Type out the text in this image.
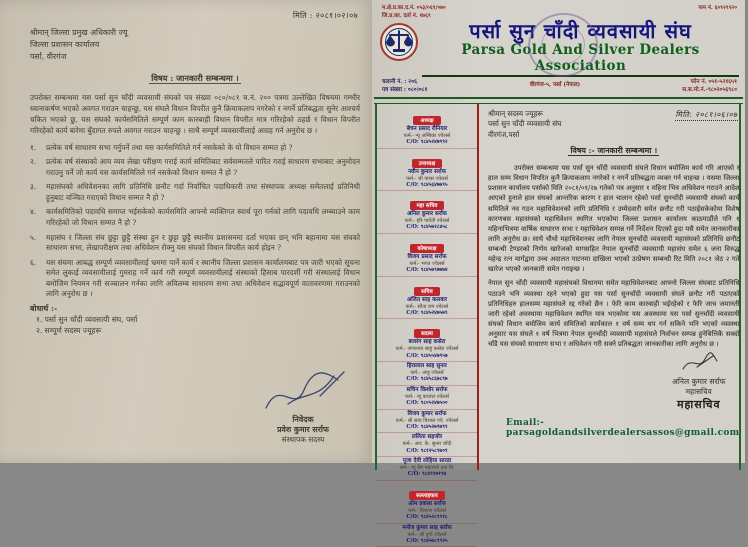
मिति : २०८१।०२।०७
श्रीमान् जिल्ला प्रमुख अधिकारी ज्यू
जिल्ला प्रशासन कार्यालय
पर्सा, वीरगंज
विषय : जानकारी सम्बन्धमा ।
उपरोक्त सम्बन्धमा यस पर्सा सुन चाँदी व्यवसायी संघको पत्र संख्या ०८०/०८१ च.नं. २०० पत्रमा उल्लेखित विषयमा गम्भीर ध्यानाकर्षण भएको अवगत गराउन चाहन्छु, यस संघले विधान विपरीत कुनै क्रियाकलाप नगरेको र नगर्ने प्रतिबद्धता सुनेर आश्चर्य चकित भएको छु, यस संघको कार्यसमितिले सम्पूर्ण काम कारबाही विधान विपरीत मात्र गरिरहेको ठहर्छ र विधान विपरीत गरिरहेको कार्य बारेमा बुँदागत रुपले अवगत गराउन चाहन्छु । साथै सम्पूर्ण व्यवसायीलाई आग्रह गर्न अनुरोध छ ।
१.	प्रत्येक वर्ष साधारण सभा गर्नुपर्ने तथा यस कार्यसमितिले गर्न नसकेको के यो विधान सम्मत हो ?
२.	प्रत्येक वर्ष संस्थाको आय व्यय लेखा परीक्षण गराई कार्य समितिबाट सर्वसम्मतले पारित गराई साधारण सभाबाट अनुमोदन गराउनु पर्ने जो कार्य यस कार्यसमितिले गर्न नसकेको विधान सम्मत नै हो ?
३.	महासंघको अधिवेशनका लागि प्रतिनिधि छनौट गर्दा निर्वाचित पदाधिकारी तथा संस्थापक अध्यक्ष समेतलाई प्रतिनिधी हुनुबाट वञ्चित गराएको विधान सम्मत नै हो ?
४.	कार्यसमितिको पदावधि समाप्त भईसकेको कार्यसमिति आफ्नो व्यक्तिगत स्वार्थ पूरा गर्नको लागि पदावधि लम्ब्याउने काम गरिरहेको जो विधान सम्मत नै हो ?
५.	महासंघ र जिल्ला संघ छुट्टा छुट्टै संस्था हुन र छुट्टा छुट्टै स्थानीय प्रशासनमा दर्ता भएका छन् भनि बहानामा यस संघको साधारण सभा, लेखापरीक्षण तथा अधिवेशन रोक्नु यस संघको विधान विपरीत कार्य होइन ?
६.	यस संघमा आबद्ध सम्पूर्ण व्यवसायीलाई भ्रममा पार्ने कार्य र स्थानीय जिल्ला प्रशासन कार्यालयबाट पत्र जारी भएको सूचना समेत लुकाई व्यवसायीलाई गुमराह गर्ने कार्य गरी सम्पूर्ण व्यवसायीलाई संस्थाको हिसाब पारदर्शी गरी संस्थालाई विधान बमोजिम नियमन गरी सञ्चालन गर्नका लागि अविलम्ब साधारण सभा तथा अधिवेशन सद्भावपूर्ण वातावरणमा गराउनको लागि अनुरोध छ ।
बोधार्थ :-
१. पर्सा सुन चाँदी व्यवसायी संघ, पर्सा
२. सम्पूर्ण सदस्य ज्यूहरू
निवेदक
प्रवेश कुमार सर्राफ
संस्थापक सदस्य
म.क्षे.प्र.का.द.नं. ०५३/०६९/०७०
जि.प्र.का. दर्ता नं. १७६९
पान नं. ६०९२९९२०
पर्सा सुन चाँदी व्यवसायी संघ
Parsa Gold And Silver Dealers Association
चलानी नं. : २०६
पत्र संख्या : ०८०।०८१
वीरगंज-५, पर्सा (नेपाल)	फोन नं. ०५१-५२१६५१
स.स.मो.नं.-९८०२०५६९८०
अध्यक्ष
बेचन प्रसाद रौनियार
फर्म:- न्यू अम्बिका ज्वेलर्स
C/O: ९८४५२४७९९२
उपाध्यक्ष
नवीन कुमार सर्राफ
फर्म:- श्री पारस ज्वेलर्स
C/O: ९८४५६४७७९५
महा सचिव
अनिल कुमार सर्राफ
फर्म:- हरि पार्वती ज्वेलर्स
C/O: ९८४५७२८४५८
कोषाध्यक्ष
विजय प्रसाद सर्राफ
फर्म:- भगत ज्वेलर्स
C/O: ९८४५७९७७७४
सचिव
अजित साह कलवार
फर्म:- सीता राम ज्वेलर्स
C/O: ९८४५२४७५७९
सदस्य
बजरंग साह कसेरा
फर्म:- जगरनाथ साहु कसेरा ज्वेलर्स
C/O: ९८४५५४७९५७
हिरालाल साह सुनार
फर्म:- अंजु ज्वेलर्स
C/O: ९८४५८६७८९७
सचिन किशोर सर्राफ
फर्म:- न्यू काजल ज्वेलर्स
C/O: ९८०५२४७५००
विजय कुमार सर्राफ
फर्म:- श्री सत्य विशाल ज्वे. ज्वेलर्स
C/O: ९८४५२७९७९९
ललिता सहजोर
फर्म:- आर. के. सुनार चाँदी
C/O: ९८१२५८९७०९
पूजा देवी लोहिया सारडा
फर्म:- न्यू प्रेम महारानी दवा वि.
C/O: ९८४९९७१९७
सल्लाहकार
ओम प्रकाश सर्राफ
फर्म:- विशाल ज्वेलर्स
C/O: ९८४५२८९९१८
मनोज कुमार साह सर्राफ
फर्म:- श्री दुर्गा ज्वेलर्स
C/O: ९८४५७८९९२५
मिति: २०८१।०६।०७
श्रीमान् सदस्य ज्यूहरू
पर्सा सुन चाँदी व्यवसायी संघ
वीरगंज,पर्सा
विषय :- जानकारी सम्बन्धमा ।

उपरोक्त सम्बन्धमा यस पर्सा सुन चाँदी व्यवसायी संघले विधान बमोजिम कार्य गरि आएको र हाल सम्म विधान विपरित कुनै क्रियाकलाप नगरेको र नगर्ने प्रतिबद्धता व्यक्त गर्न चाहन्छ । यसमा जिल्ला प्रशासन कार्यालय पर्साको मिति २०८१/०१/२७ गतेको पत्र अनुसार १ महिना भित्र अधिवेशन गराउने आदेश आएको हुनाले हाल संघको आन्तरिक कारण र हाल चालान रहेको पर्सा सुनचाँदी व्यवसायी संघको कार्य समितिले नव गठन महाधिवेशनको लागि प्रतिनिधि र उम्मेदवारी समेत छनौट गरी पठाईसकेकोमा विशेष कारणबस महासंघको महाधिवेशन स्थगित भएकोमा जिल्ला प्रशासन कार्यालय काठमाडौंले पनि १ महिनाभित्रमा वार्षिक साधारण सभा र महाधिवेशन सम्पन्न गर्ने निर्देशन दिएको हुदा यसै समेत जानकारीका लागि अनुरोध छ। साथै चौथो महाधिवेशनका लागि नेपाल सुनचाँदी व्यवसायी महासंघको प्रतिनिधि छनौट सम्बन्धी टेण्डरको निर्णय खारेजको मागसहित नेपाल सुनचाँदी व्यवसायी महासंघ समेत ६ जना विरुद्ध महेन्द्र रत्न मार्गद्वारा उच्च अदालत पाटनमा दाखिला भएको उत्प्रेषण सम्बन्धी रिट मिति २०८१ जेठ २ गते खारेज भएको जानकारी समेत गराइन्छ ।

नेपाल सुन चाँदी व्यवसायी महासंघको विधानमा समेत महाधिवेशनबाट आफ्नो जिल्ला संघबाट प्रतिनिधि पठाउने भनि व्यवस्था रहने भएको हुदा यस पर्सा सुनचाँदी व्यवसायी संघले छनौट गरी पठाएको प्रतिनिधिहरु हालसम्म महासंघले रद्द गरेको छैन । फेरि काम कारबाही भईरहेको र फेरि जाच जमानती जारी रहेको अवस्थामा महाधिवेशन स्थगित मात्र भएकोमा यस अवस्थामा यस पर्सा सुनचाँदी व्यवसायी संघको विधान बमोजिम कार्य समितिको कार्यकाल १ वर्ष सम्म थप गर्न सकिने भनि भएको व्यवस्था अनुसार यस संघले १ वर्ष भित्रमा नेपाल सुनचाँदी व्यवसायी महासंघले निर्वाचन सम्पन्न हुनेबित्तिकै सक्दो चाँडै यस संघको साधारण सभा र अधिवेशन गरी सक्ने प्रतिबद्धता जानकारीका लागि अनुरोध छ ।

अनिल कुमार सर्राफ
महासचिव
महासचिव
Email:- parsagoldandsilverdealersassos@gmail.com
